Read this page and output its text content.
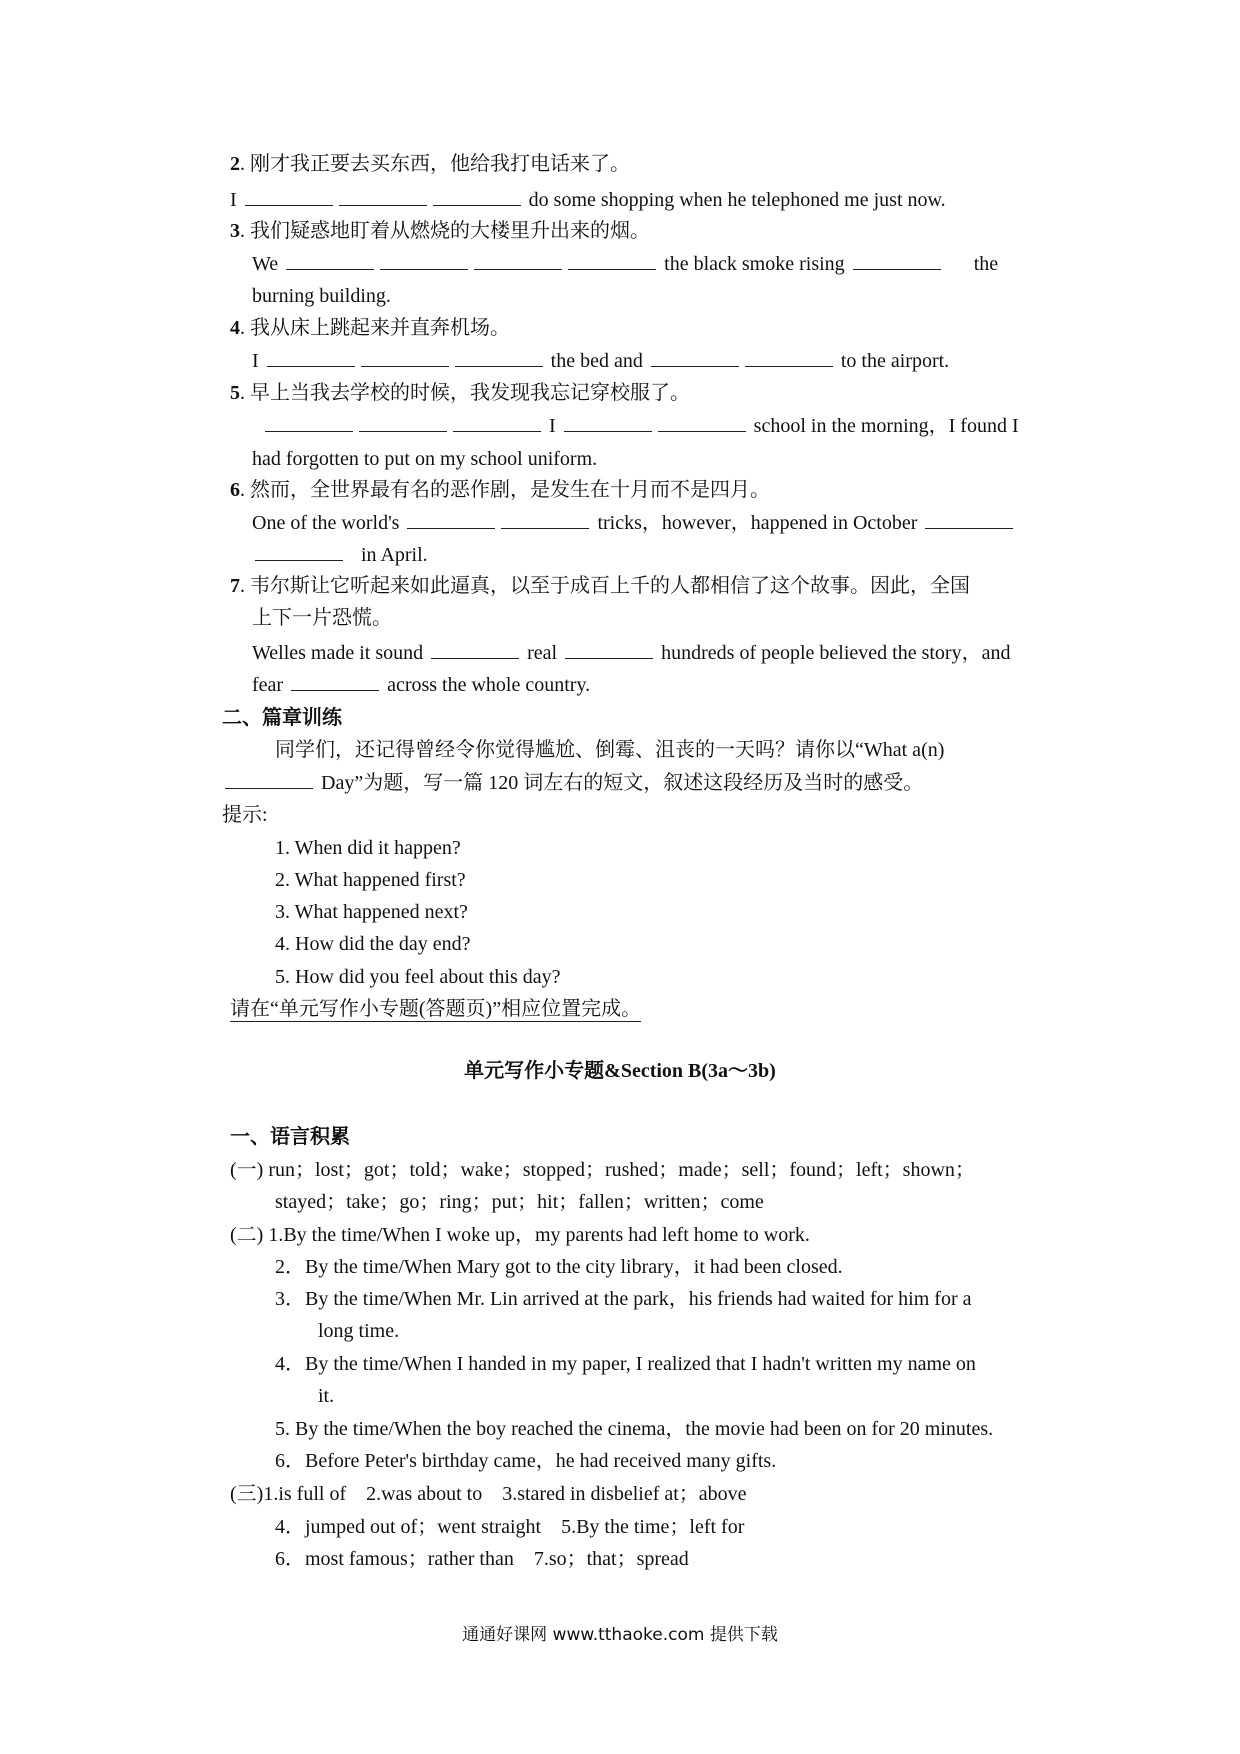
2. 刚才我正要去买东西，他给我打电话来了。
I	do some shopping when he telephoned me just now.
3. 我们疑惑地盯着从燃烧的大楼里升出来的烟。
We	the black smoke rising	the
burning building.
4. 我从床上跳起来并直奔机场。
I	the bed and	to the airport.
5. 早上当我去学校的时候，我发现我忘记穿校服了。
I	school in the morning，I found I
had forgotten to put on my school uniform.
6. 然而，全世界最有名的恶作剧，是发生在十月而不是四月。
One of the world's	tricks，however，happened in October
in April.
7. 韦尔斯让它听起来如此逼真，以至于成百上千的人都相信了这个故事。因此，全国
上下一片恐慌。
Welles made it sound	real	hundreds of people believed the story，and
fear	across the whole country.
二、篇章训练
同学们，还记得曾经令你觉得尴尬、倒霉、沮丧的一天吗？请你以“What a(n)
Day”为题，写一篇 120 词左右的短文，叙述这段经历及当时的感受。
提示:
1. When did it happen?
2. What happened first?
3. What happened next?
4. How did the day end?
5. How did you feel about this day?
请在“单元写作小专题(答题页)”相应位置完成。
单元写作小专题&Section B(3a～3b)
一、语言积累
(一) run；lost；got；told；wake；stopped；rushed；made；sell；found；left；shown；
stayed；take；go；ring；put；hit；fallen；written；come
(二) 1.By the time/When I woke up，my parents had left home to work.
2．By the time/When Mary got to the city library，it had been closed.
3．By the time/When Mr. Lin arrived at the park，his friends had waited for him for a
long time.
4．By the time/When I handed in my paper, I realized that I hadn't written my name on
it.
5. By the time/When the boy reached the cinema，the movie had been on for 20 minutes.
6．Before Peter's birthday came，he had received many gifts.
(三)1.is full of　2.was about to　3.stared in disbelief at；above
4．jumped out of；went straight　5.By the time；left for
6．most famous；rather than　7.so；that；spread
通通好课网 www.tthaoke.com 提供下载
